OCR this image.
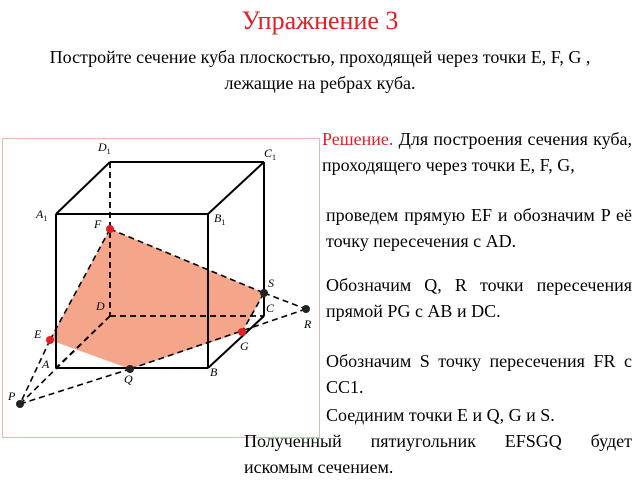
Упражнение 3
Постройте сечение куба плоскостью, проходящей через точки E, F, G , лежащие на ребрах куба.
$D_1$	$C_1$
$A_1$	$B_1$
F
S
D	C
R
E
G
A
Q	B
P
Решение. Для построения сечения куба, проходящего через точки E, F, G,
проведем прямую EF и обозначим P её точку пересечения с AD.
Обозначим Q, R точки пересечения прямой PG с AB и DC.
Обозначим S точку пересечения FR с CC1.
Соединим точки E и Q, G и S.
Полученный пятиугольник EFSGQ будет искомым сечением.
